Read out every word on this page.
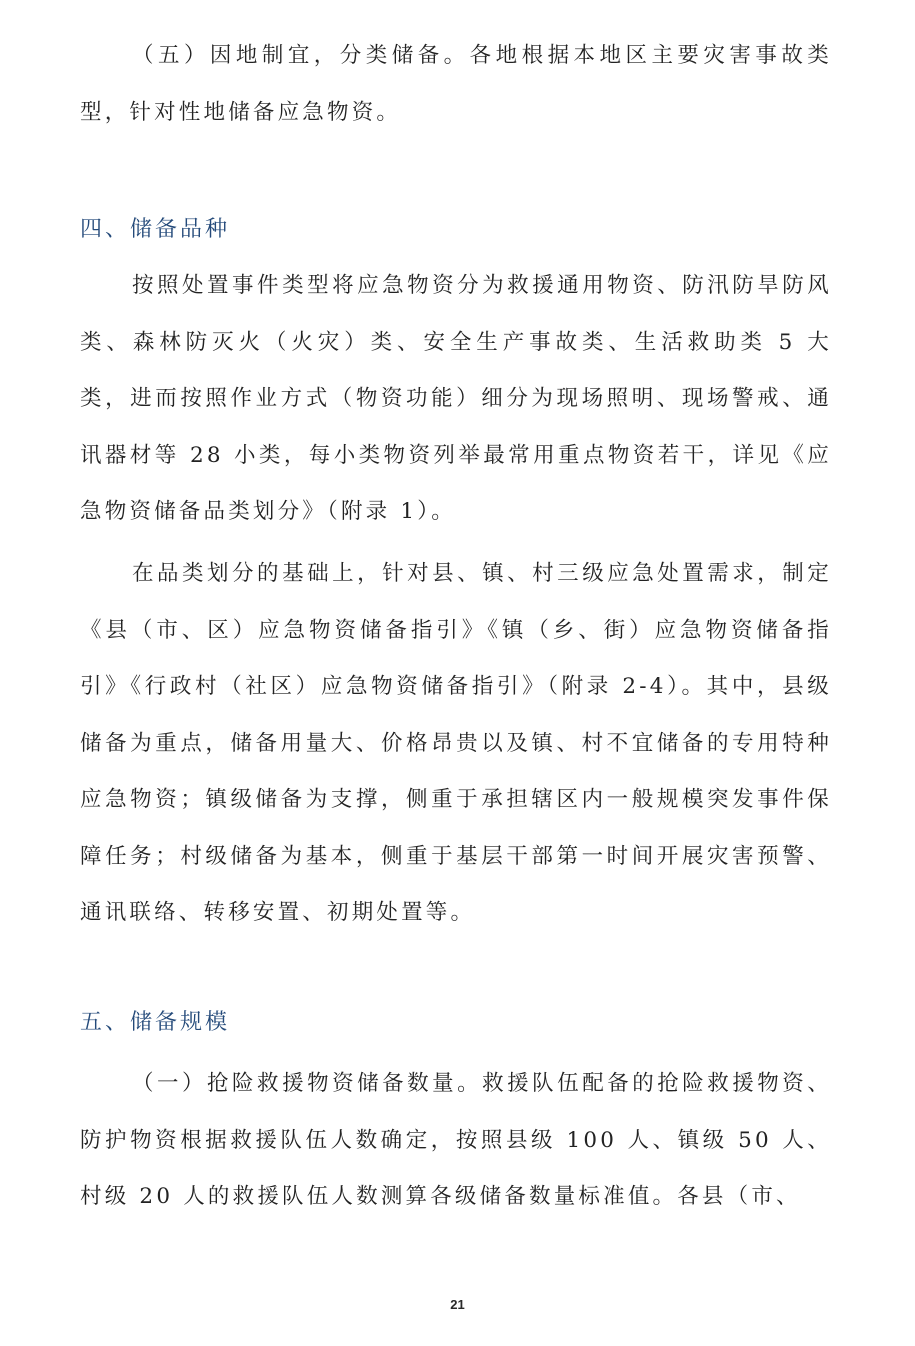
（五）因地制宜，分类储备。各地根据本地区主要灾害事故类型，针对性地储备应急物资。

四、储备品种

按照处置事件类型将应急物资分为救援通用物资、防汛防旱防风类、森林防灭火（火灾）类、安全生产事故类、生活救助类 5 大类，进而按照作业方式（物资功能）细分为现场照明、现场警戒、通讯器材等 28 小类，每小类物资列举最常用重点物资若干，详见《应急物资储备品类划分》（附录 1）。

在品类划分的基础上，针对县、镇、村三级应急处置需求，制定《县（市、区）应急物资储备指引》《镇（乡、街）应急物资储备指引》《行政村（社区）应急物资储备指引》（附录 2-4）。其中，县级储备为重点，储备用量大、价格昂贵以及镇、村不宜储备的专用特种应急物资；镇级储备为支撑，侧重于承担辖区内一般规模突发事件保障任务；村级储备为基本，侧重于基层干部第一时间开展灾害预警、通讯联络、转移安置、初期处置等。

五、储备规模

（一）抢险救援物资储备数量。救援队伍配备的抢险救援物资、防护物资根据救援队伍人数确定，按照县级 100 人、镇级 50 人、村级 20 人的救援队伍人数测算各级储备数量标准值。各县（市、

21
